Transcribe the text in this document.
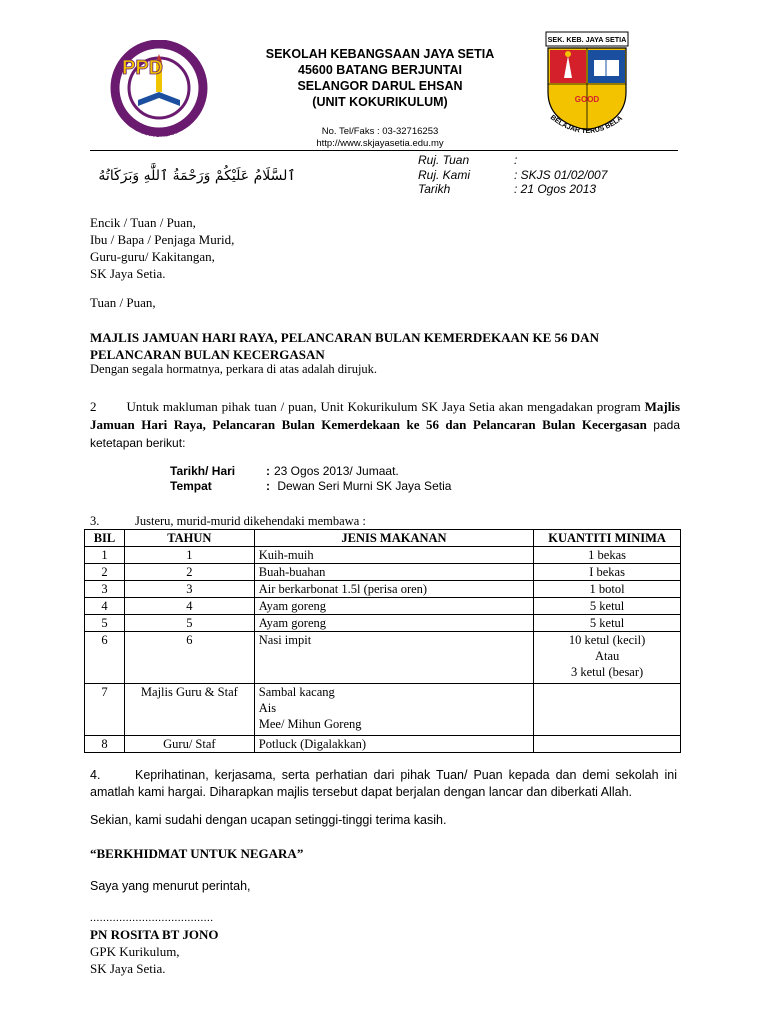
PPD
PEJABAT PELAJARAN DAERAH KUALA SELANG
SEKOLAH KEBANGSAAN JAYA SETIA
45600 BATANG BERJUNTAI
SELANGOR DARUL EHSAN
(UNIT KOKURIKULUM)
No. Tel/Faks : 03-32716253
http://www.skjayasetia.edu.my
SEK. KEB. JAYA SETIA
GOOD
BELAJAR TERUS BELA
ٱلسَّلَامُ عَلَيْكُمْ وَرَحْمَةُ ٱللَّٰهِ وَبَرَكَاتُهُ
Ruj. Tuan	:
Ruj. Kami	: SKJS 01/02/007
Tarikh	: 21 Ogos 2013
Encik / Tuan / Puan,
Ibu / Bapa / Penjaga Murid,
Guru-guru/ Kakitangan,
SK Jaya Setia.
Tuan / Puan,
MAJLIS JAMUAN HARI RAYA, PELANCARAN BULAN KEMERDEKAAN KE 56 DAN PELANCARAN BULAN KECERGASAN
Dengan segala hormatnya, perkara di atas adalah dirujuk.
2 Untuk makluman pihak tuan / puan, Unit Kokurikulum SK Jaya Setia akan mengadakan program Majlis Jamuan Hari Raya, Pelancaran Bulan Kemerdekaan ke 56 dan Pelancaran Bulan Kecergasan pada ketetapan berikut:
Tarikh/ Hari	: 23 Ogos 2013/ Jumaat.
Tempat	: Dewan Seri Murni SK Jaya Setia
3.	Justeru, murid-murid dikehendaki membawa :
BIL	TAHUN	JENIS MAKANAN	KUANTITI MINIMA
1	1	Kuih-muih	1 bekas
2	2	Buah-buahan	I bekas
3	3	Air berkarbonat 1.5l (perisa oren)	1 botol
4	4	Ayam goreng	5 ketul
5	5	Ayam goreng	5 ketul
6	6	Nasi impit	10 ketul (kecil)
Atau
3 ketul (besar)

7	Majlis Guru & Staf	Sambal kacang
Ais
Mee/ Mihun Goreng	

8	Guru/ Staf	Potluck (Digalakkan)	
4.	Keprihatinan, kerjasama, serta perhatian dari pihak Tuan/ Puan kepada dan demi sekolah ini amatlah kami hargai. Diharapkan majlis tersebut dapat berjalan dengan lancar dan diberkati Allah.
Sekian, kami sudahi dengan ucapan setinggi-tinggi terima kasih.
“BERKHIDMAT UNTUK NEGARA”
Saya yang menurut perintah,
......................................
PN ROSITA BT JONO
GPK Kurikulum,
SK Jaya Setia.
